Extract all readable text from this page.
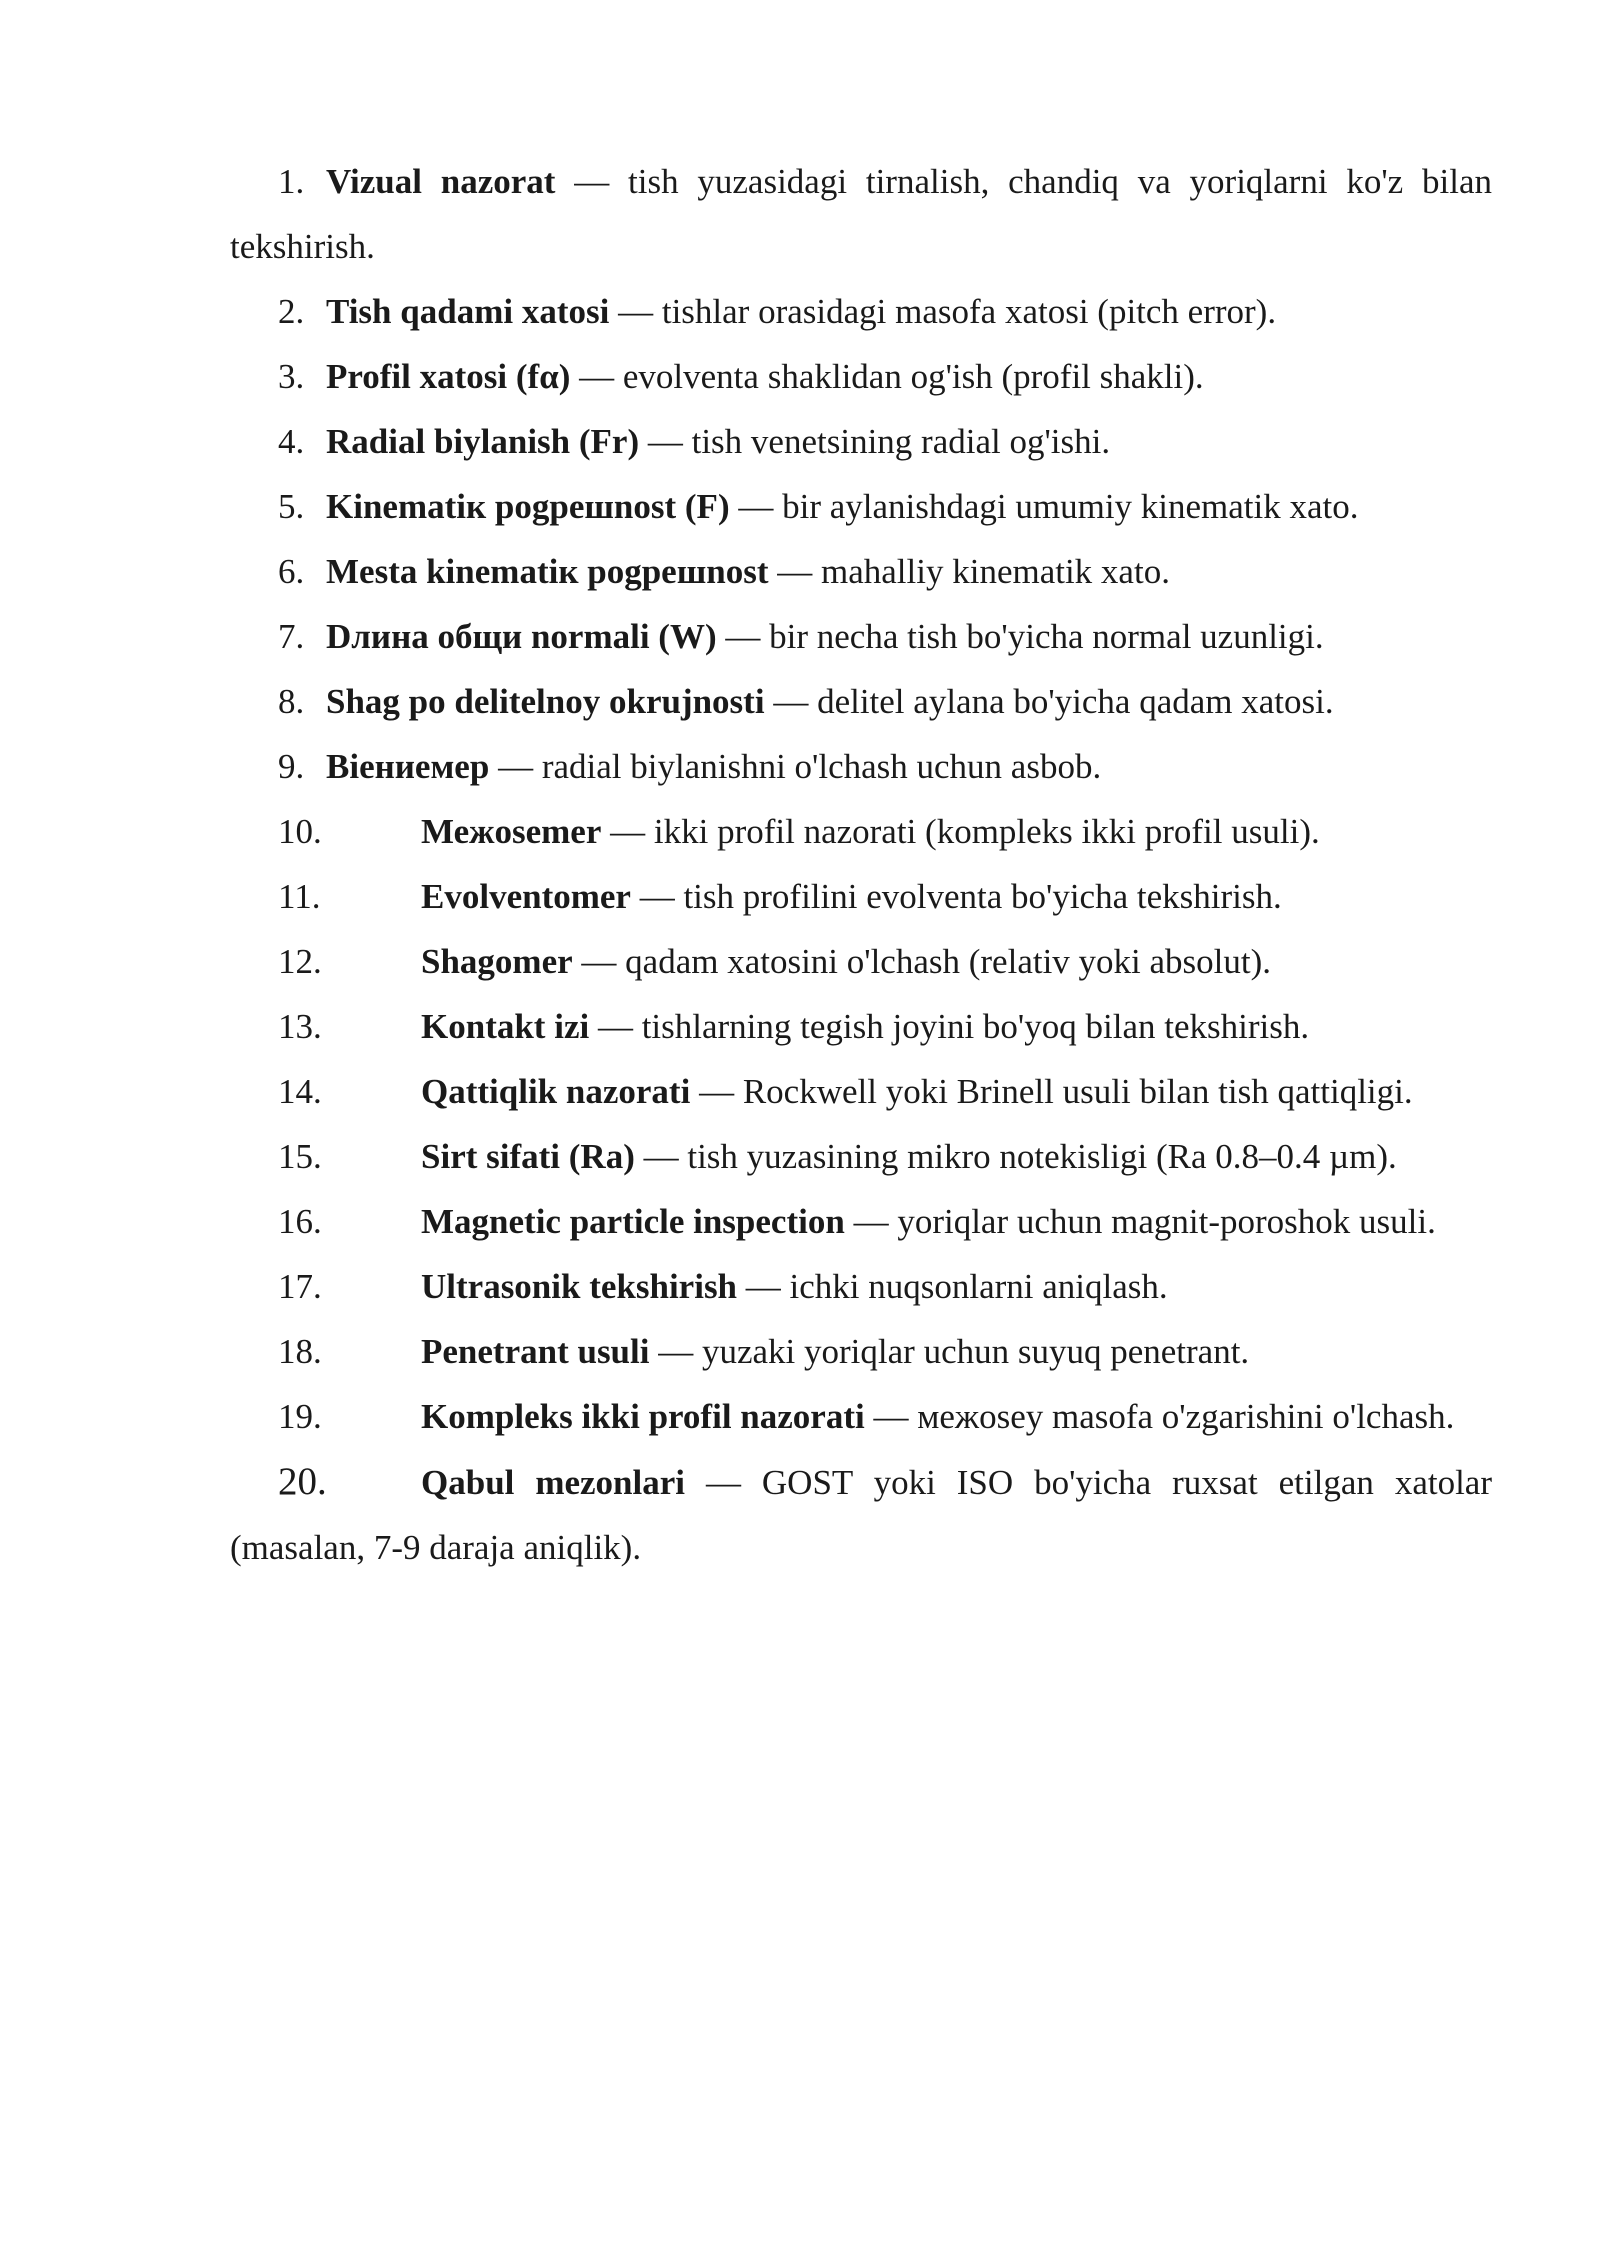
1. Vizual nazorat — tish yuzasidagi tirnalish, chandiq va yoriqlarni ko'z bilan tekshirish.

2. Tish qadami xatosi — tishlar orasidagi masofa xatosi (pitch error).

3. Profil xatosi (fα) — evolventa shaklidan og'ish (profil shakli).

4. Radial biylanish (Fr) — tish venetsining radial og'ishi.

5. Kinematiк pogрешnost (F) — bir aylanishdagi umumiy kinematik xato.

6. Mesta kinematiк pogрешnost — mahalliy kinematik xato.

7. Dлина общи normali (W) — bir necha tish bo'yicha normal uzunligi.

8. Shag po delitelnoy okrujnosti — delitel aylana bo'yicha qadam xatosi.

9. Biениемер — radial biylanishni o'lchash uchun asbob.

10.	Межosemer — ikki profil nazorati (kompleks ikki profil usuli).

11.	Evolventomer — tish profilini evolventa bo'yicha tekshirish.

12.	Shagomer — qadam xatosini o'lchash (relativ yoki absolut).

13.	Kontakt izi — tishlarning tegish joyini bo'yoq bilan tekshirish.

14.	Qattiqlik nazorati — Rockwell yoki Brinell usuli bilan tish qattiqligi.

15.	Sirt sifati (Ra) — tish yuzasining mikro notekisligi (Ra 0.8–0.4 µm).

16.	Magnetic particle inspection — yoriqlar uchun magnit-poroshok usuli.

17.	Ultrasonik tekshirish — ichki nuqsonlarni aniqlash.

18.	Penetrant usuli — yuzaki yoriqlar uchun suyuq penetrant.

19.	Kompleks ikki profil nazorati — межosey masofa o'zgarishini o'lchash.

20.	Qabul mezonlari — GOST yoki ISO bo'yicha ruxsat etilgan xatolar (masalan, 7-9 daraja aniqlik).
